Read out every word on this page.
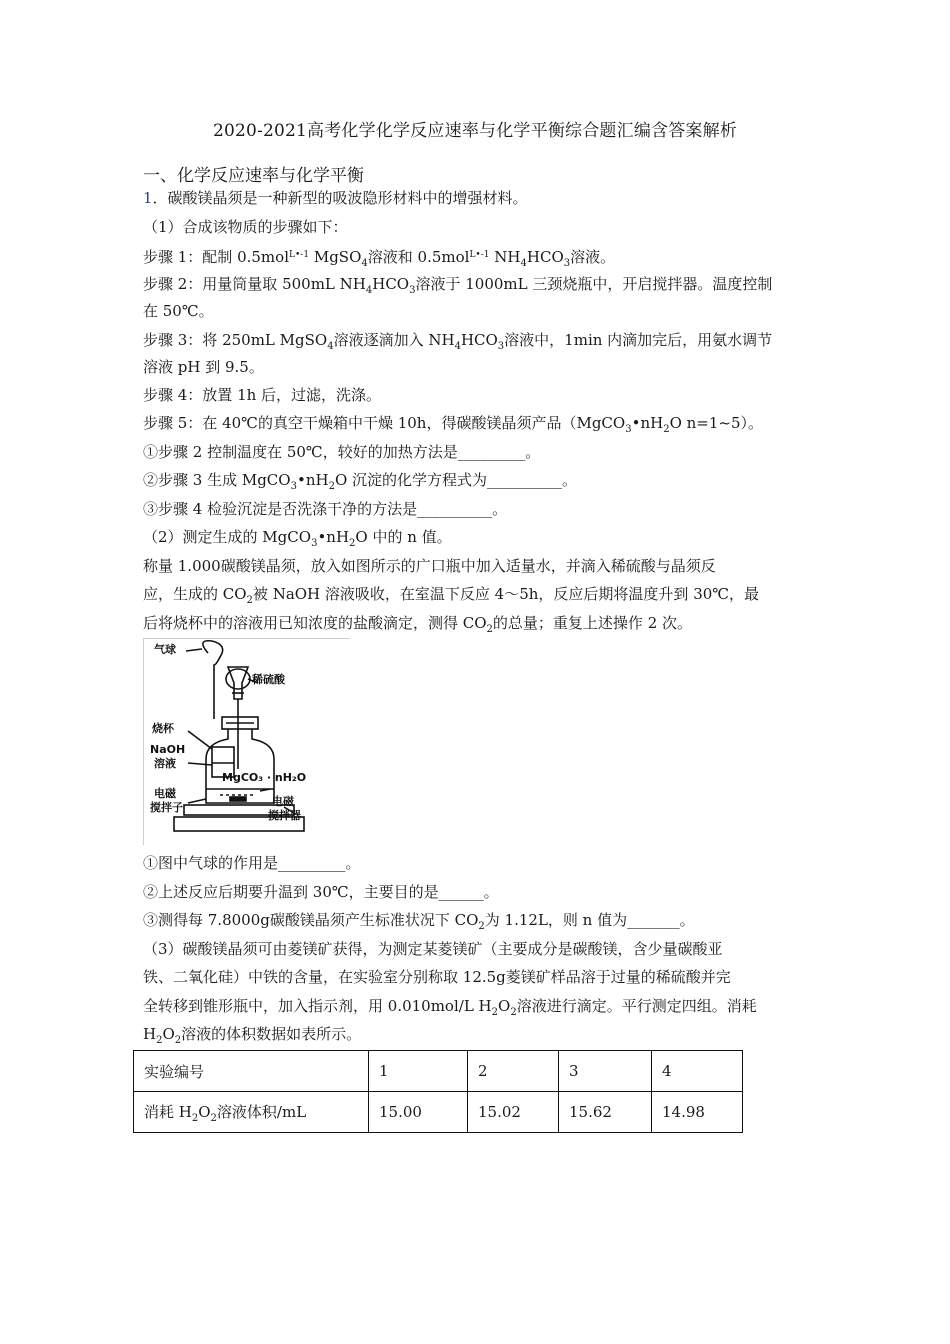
2020-2021高考化学化学反应速率与化学平衡综合题汇编含答案解析
一、化学反应速率与化学平衡
1．碳酸镁晶须是一种新型的吸波隐形材料中的增强材料。
（1）合成该物质的步骤如下：
步骤 1：配制 0.5mol$^{L•-1}$ MgSO$_4$溶液和 0.5mol$^{L•-1}$ $NH_4HCO_3$溶液。
步骤 2：用量筒量取 500mL $NH_4HCO_3$溶液于 1000mL 三颈烧瓶中，开启搅拌器。温度控制
在 50℃。
步骤 3：将 250mL MgSO$_4$溶液逐滴加入 $NH_4HCO_3$溶液中，1min 内滴加完后，用氨水调节
溶液 pH 到 9.5。
步骤 4：放置 1h 后，过滤，洗涤。
步骤 5：在 40℃的真空干燥箱中干燥 10h，得碳酸镁晶须产品（$MgCO_3•nH_2O$ n=1~5）。
①步骤 2 控制温度在 50℃，较好的加热方法是_________。
②步骤 3 生成 $MgCO_3•nH_2O$ 沉淀的化学方程式为__________。
③步骤 4 检验沉淀是否洗涤干净的方法是__________。
（2）测定生成的 $MgCO_3•nH_2O$ 中的 n 值。
称量 1.000碳酸镁晶须，放入如图所示的广口瓶中加入适量水，并滴入稀硫酸与晶须反
应，生成的 $CO_2$被 NaOH 溶液吸收，在室温下反应 4～5h，反应后期将温度升到 30℃，最
后将烧杯中的溶液用已知浓度的盐酸滴定，测得 $CO_2$的总量；重复上述操作 2 次。
气球
稀硫酸
烧杯
NaOH
溶液
MgCO₃ · nH₂O
电磁
搅拌子	电磁
搅拌器
①图中气球的作用是_________。
②上述反应后期要升温到 30℃，主要目的是______。
③测得每 7.8000g碳酸镁晶须产生标准状况下 $CO_2$为 1.12L，则 n 值为_______。
（3）碳酸镁晶须可由菱镁矿获得，为测定某菱镁矿（主要成分是碳酸镁，含少量碳酸亚
铁、二氧化硅）中铁的含量，在实验室分别称取 12.5g菱镁矿样品溶于过量的稀硫酸并完
全转移到锥形瓶中，加入指示剂，用 0.010mol/L $H_2O_2$溶液进行滴定。平行测定四组。消耗
$H_2O_2$溶液的体积数据如表所示。
实验编号	1	2	3	4
消耗 $H_2O_2$溶液体积/mL	15.00	15.02	15.62	14.98
